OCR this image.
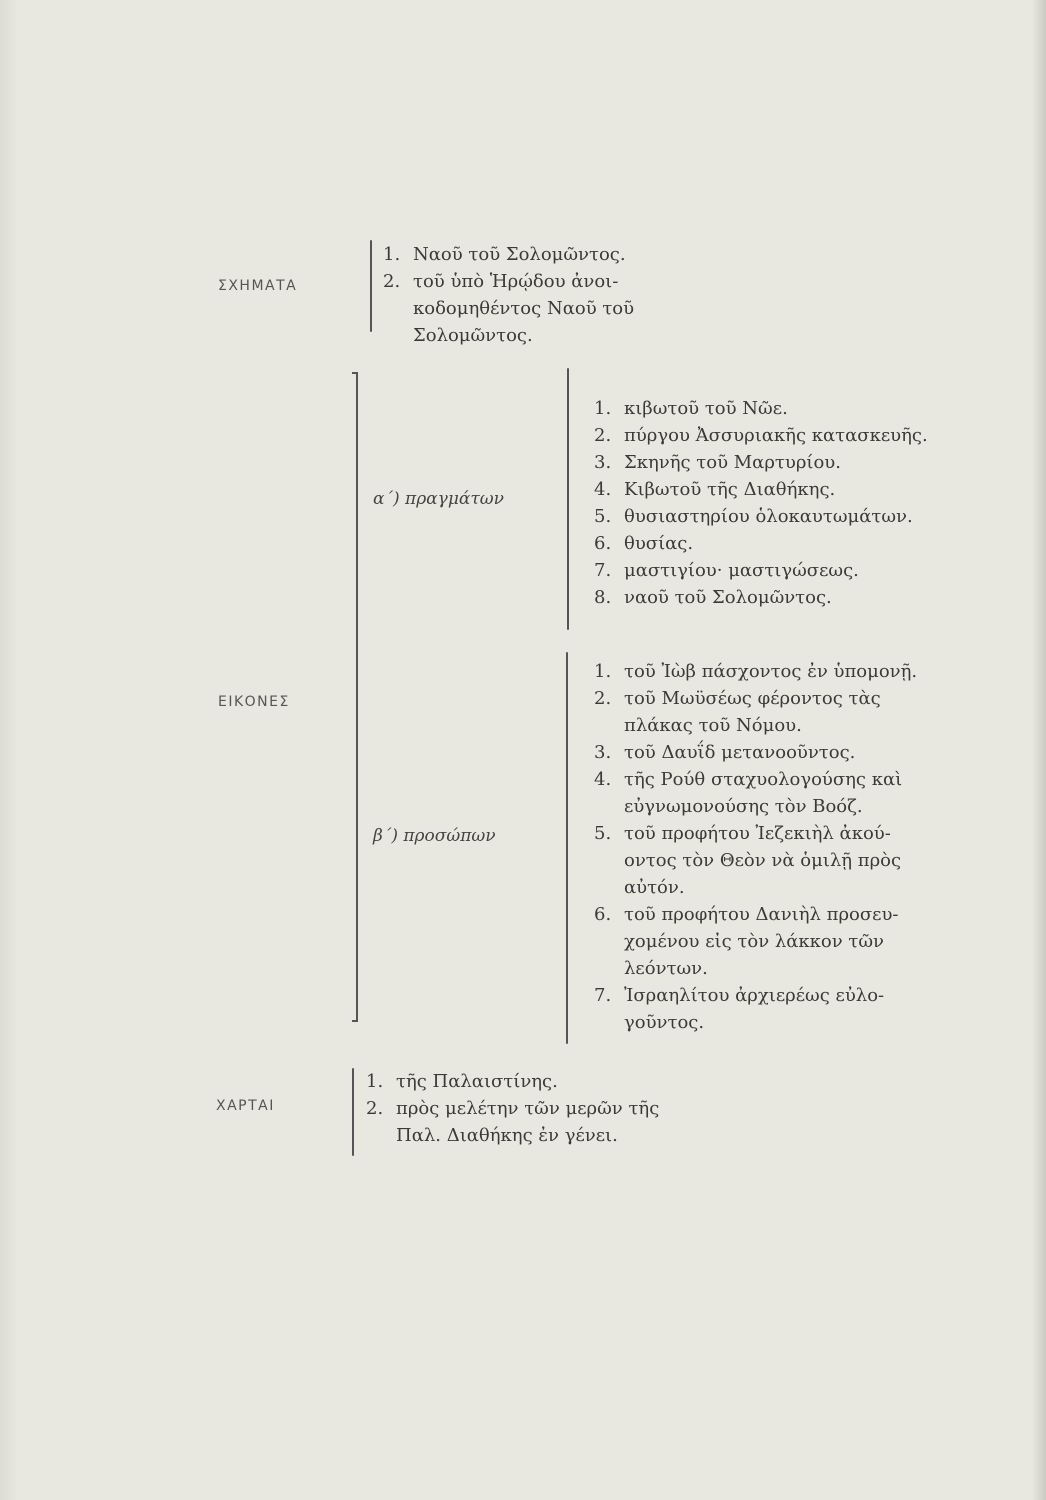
ΣΧΗΜΑΤΑ
1. Ναοῦ τοῦ Σολομῶντος.
2. τοῦ ὑπὸ Ἡρῴδου ἀνοι-
κοδομηθέντος Ναοῦ τοῦ
Σολομῶντος.
ΕΙΚΟΝΕΣ
α΄) πραγμάτων
1. κιβωτοῦ τοῦ Νῶε.
2. πύργου Ἀσσυριακῆς κατασκευῆς.
3. Σκηνῆς τοῦ Μαρτυρίου.
4. Κιβωτοῦ τῆς Διαθήκης.
5. θυσιαστηρίου ὁλοκαυτωμάτων.
6. θυσίας.
7. μαστιγίου· μαστιγώσεως.
8. ναοῦ τοῦ Σολομῶντος.
β΄) προσώπων
1. τοῦ Ἰὼβ πάσχοντος ἐν ὑπομονῇ.
2. τοῦ Μωϋσέως φέροντος τὰς
πλάκας τοῦ Νόμου.
3. τοῦ Δαυΐδ μετανοοῦντος.
4. τῆς Ρούθ σταχυολογούσης καὶ
εὐγνωμονούσης τὸν Βοόζ.
5. τοῦ προφήτου Ἰεζεκιὴλ ἀκού-
οντος τὸν Θεὸν νὰ ὁμιλῇ πρὸς
αὐτόν.
6. τοῦ προφήτου Δανιὴλ προσευ-
χομένου εἰς τὸν λάκκον τῶν
λεόντων.
7. Ἰσραηλίτου ἀρχιερέως εὐλο-
γοῦντος.
ΧΑΡΤΑΙ
1. τῆς Παλαιστίνης.
2. πρὸς μελέτην τῶν μερῶν τῆς
Παλ. Διαθήκης ἐν γένει.
